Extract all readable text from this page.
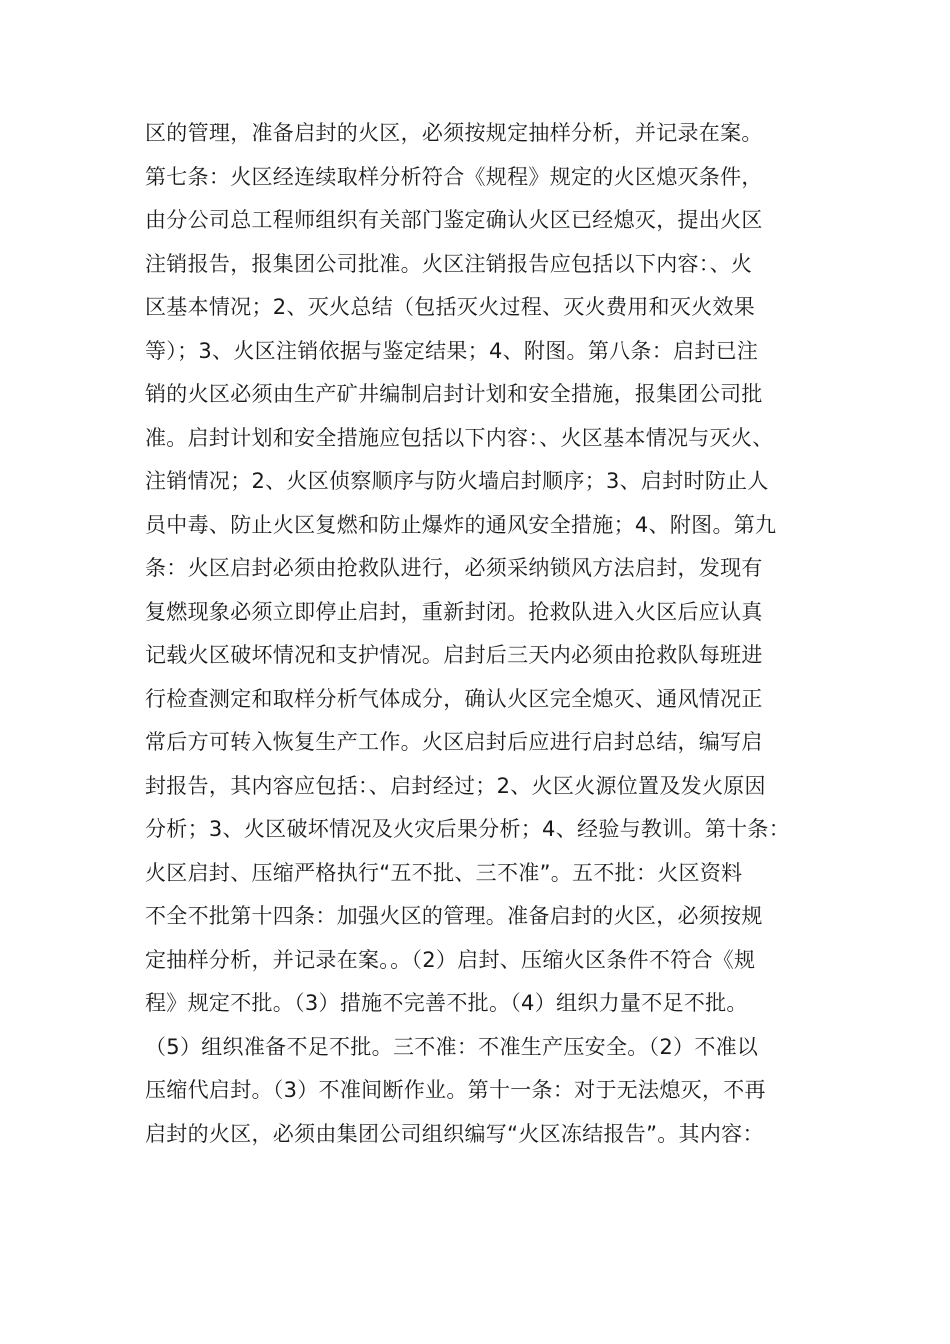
区的管理，准备启封的火区，必须按规定抽样分析，并记录在案。
第七条：火区经连续取样分析符合《规程》规定的火区熄灭条件，
由分公司总工程师组织有关部门鉴定确认火区已经熄灭，提出火区
注销报告，报集团公司批准。火区注销报告应包括以下内容：、火
区基本情况；2、灭火总结（包括灭火过程、灭火费用和灭火效果
等）；3、火区注销依据与鉴定结果；4、附图。第八条：启封已注
销的火区必须由生产矿井编制启封计划和安全措施，报集团公司批
准。启封计划和安全措施应包括以下内容：、火区基本情况与灭火、
注销情况；2、火区侦察顺序与防火墙启封顺序；3、启封时防止人
员中毒、防止火区复燃和防止爆炸的通风安全措施；4、附图。第九
条：火区启封必须由抢救队进行，必须采纳锁风方法启封，发现有
复燃现象必须立即停止启封，重新封闭。抢救队进入火区后应认真
记载火区破坏情况和支护情况。启封后三天内必须由抢救队每班进
行检查测定和取样分析气体成分，确认火区完全熄灭、通风情况正
常后方可转入恢复生产工作。火区启封后应进行启封总结，编写启
封报告，其内容应包括：、启封经过；2、火区火源位置及发火原因
分析；3、火区破坏情况及火灾后果分析；4、经验与教训。第十条：
火区启封、压缩严格执行“五不批、三不准”。五不批：火区资料
不全不批第十四条：加强火区的管理。准备启封的火区，必须按规
定抽样分析，并记录在案。。（2）启封、压缩火区条件不符合《规
程》规定不批。（3）措施不完善不批。（4）组织力量不足不批。
（5）组织准备不足不批。三不准：不准生产压安全。（2）不准以
压缩代启封。（3）不准间断作业。第十一条：对于无法熄灭，不再
启封的火区，必须由集团公司组织编写“火区冻结报告”。其内容：
